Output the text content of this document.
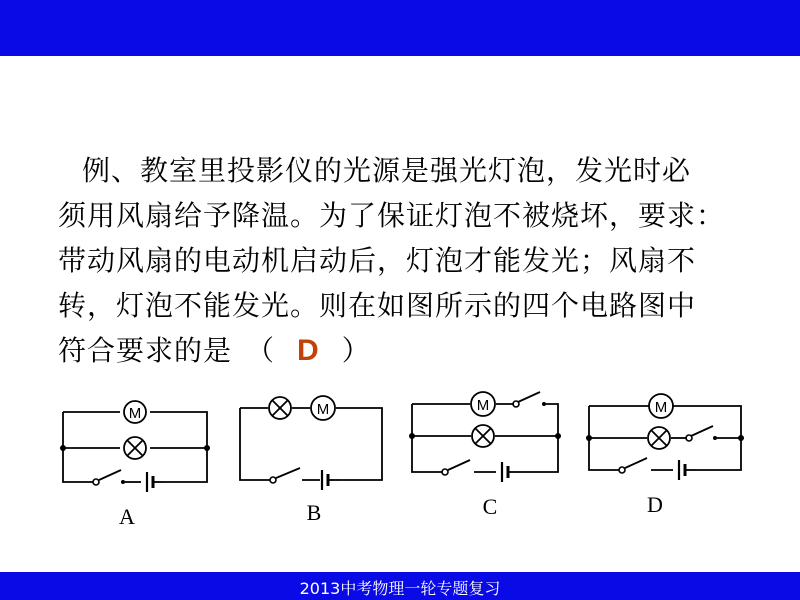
例、教室里投影仪的光源是强光灯泡，发光时必
须用风扇给予降温。为了保证灯泡不被烧坏，要求：
带动风扇的电动机启动后，灯泡才能发光；风扇不
转，灯泡不能发光。则在如图所示的四个电路图中
符合要求的是 （ D ）
M
A
M
B
M
C
M
D
2013中考物理一轮专题复习
